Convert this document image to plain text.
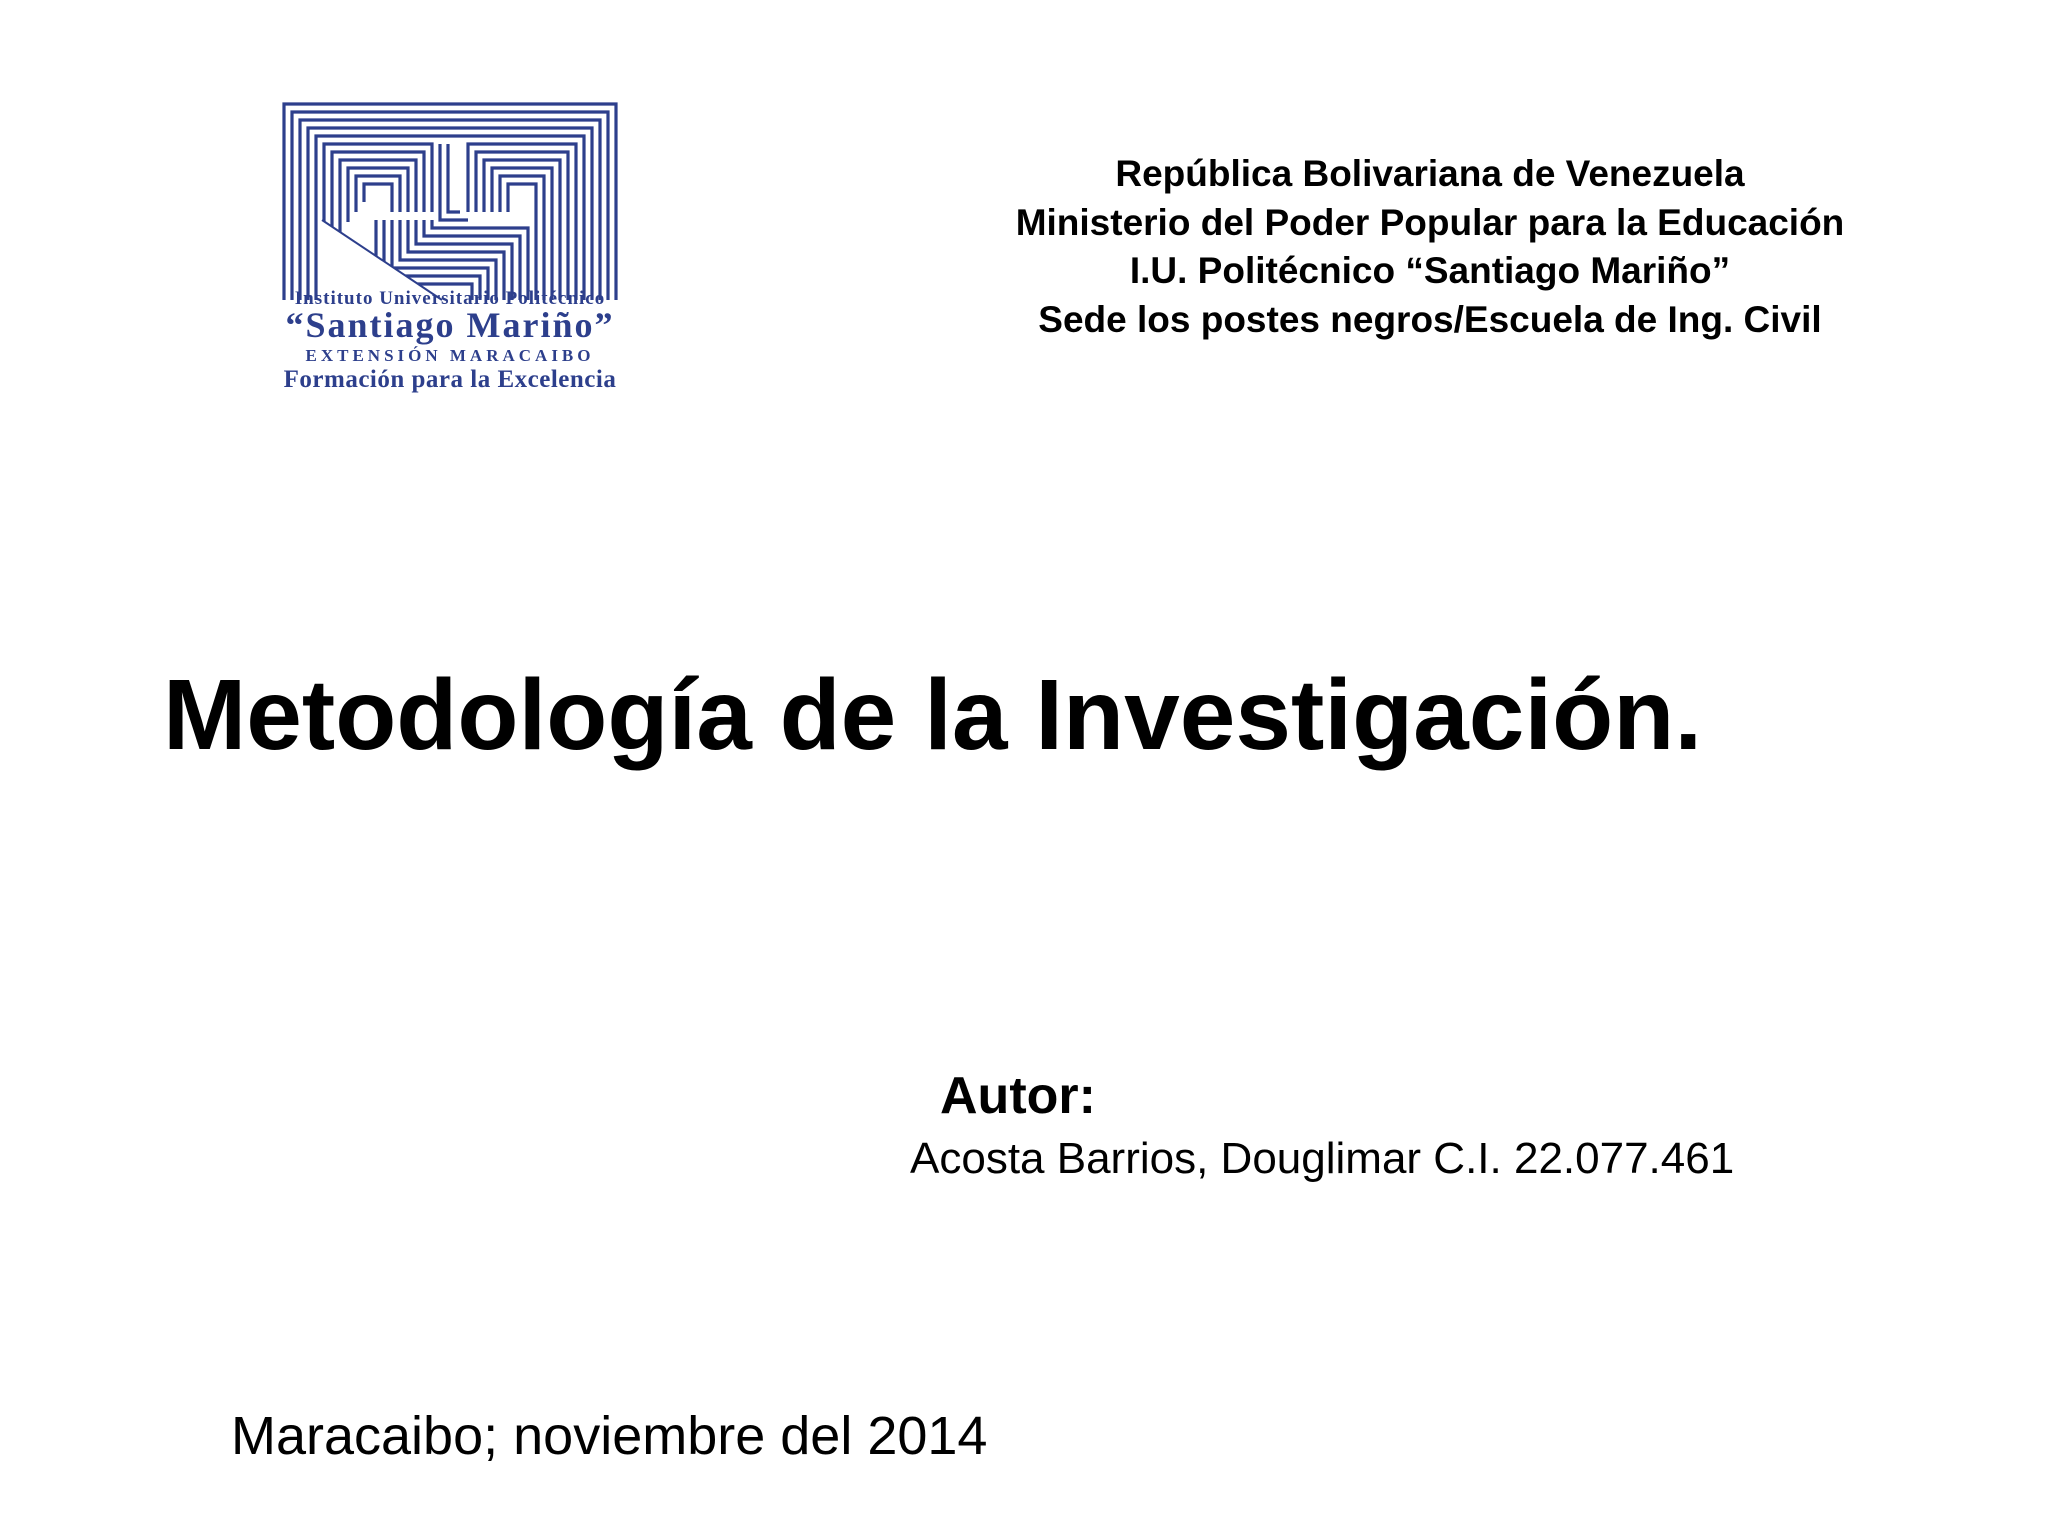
Instituto Universitario Politécnico
“Santiago Mariño”
EXTENSIÓN MARACAIBO
Formación para la Excelencia
República Bolivariana de Venezuela
Ministerio del Poder Popular para la Educación
I.U. Politécnico “Santiago Mariño”
Sede los postes negros/Escuela de Ing. Civil
Metodología de la Investigación.
Autor:
Acosta Barrios, Douglimar C.I. 22.077.461
Maracaibo; noviembre del 2014
